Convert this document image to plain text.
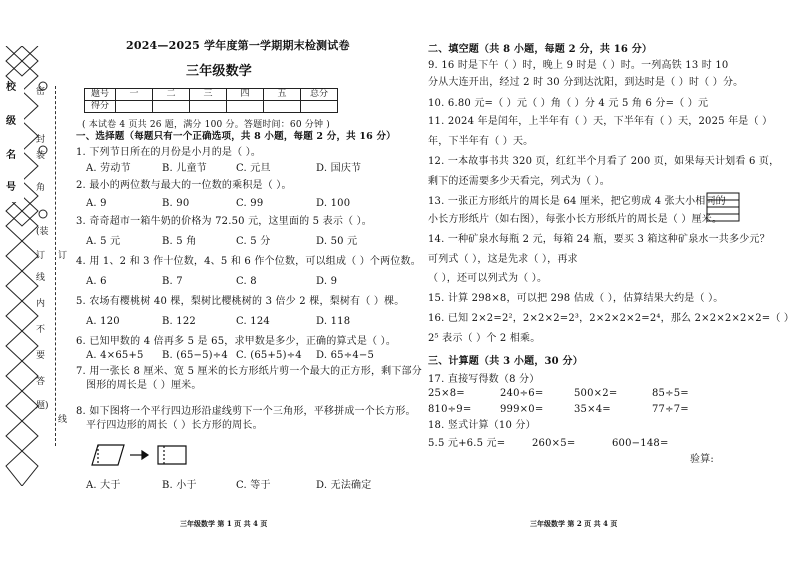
校
级
名
号
密
封
装
角
(装
订
线
内
不
要
答
题)
订
线
2024—2025 学年度第一学期期末检测试卷
三年级数学
题号	一	二	三	四	五	总分
得分						
( 本试卷 4 页共 26 题，满分 100 分。答题时间：60 分钟 )
一、选择题（每题只有一个正确选项，共 8 小题，每题 2 分，共 16 分）
1. 下列节日所在的月份是小月的是（ ）。
A. 劳动节	B. 儿童节	C. 元旦	D. 国庆节
2. 最小的两位数与最大的一位数的乘积是（ ）。
A. 9	B. 90	C. 99	D. 100
3. 奇奇超市一箱牛奶的价格为 72.50 元，这里面的 5 表示（ ）。
A. 5 元	B. 5 角	C. 5 分	D. 50 元
4. 用 1、2 和 3 作十位数，4、5 和 6 作个位数，可以组成（ ）个两位数。
A. 6	B. 7	C. 8	D. 9
5. 农场有樱桃树 40 棵，梨树比樱桃树的 3 倍少 2 棵，梨树有（ ）棵。
A. 120	B. 122	C. 124	D. 118
6. 已知甲数的 4 倍再多 5 是 65，求甲数是多少，正确的算式是（ ）。
A. 4×65+5 B. (65−5)÷4 C. (65+5)÷4 D. 65÷4−5
7. 用一张长 8 厘米、宽 5 厘米的长方形纸片剪一个最大的正方形，剩下部分
图形的周长是（ ）厘米。
8. 如下图将一个平行四边形沿虚线剪下一个三角形，平移拼成一个长方形。
平行四边形的周长（ ）长方形的周长。
A. 大于	B. 小于	C. 等于	D. 无法确定
三年级数学 第 1 页 共 4 页
二、填空题（共 8 小题，每题 2 分，共 16 分）
9. 16 时是下午（ ）时，晚上 9 时是（ ）时。一列高铁 13 时 10
分从大连开出，经过 2 时 30 分到达沈阳，到达时是（ ）时（ ）分。
10. 6.80 元=（ ）元（ ）角（ ）分 4 元 5 角 6 分=（ ）元
11. 2024 年是闰年，上半年有（ ）天，下半年有（ ）天，2025 年是（ ）
年，下半年有（ ）天。
12. 一本故事书共 320 页，红红半个月看了 200 页，如果每天计划看 6 页，
剩下的还需要多少天看完，列式为（ ）。
13. 一张正方形纸片的周长是 64 厘米，把它剪成 4 张大小相同的
小长方形纸片（如右图），每张小长方形纸片的周长是（ ）厘米。
14. 一种矿泉水每瓶 2 元，每箱 24 瓶，要买 3 箱这种矿泉水一共多少元？
可列式（ ），这是先求（ ），再求
（ ），还可以列式为（ ）。
15. 计算 298×8，可以把 298 估成（ ），估算结果大约是（ ）。
16. 已知 2×2=2²，2×2×2=2³，2×2×2×2=2⁴，那么 2×2×2×2×2=（ ）
2⁵ 表示（ ）个 2 相乘。
三、计算题（共 3 小题，30 分）
17. 直接写得数（8 分）
25×8=	240÷6=	500×2=	85÷5=
810÷9=	999×0=	35×4=	77÷7=
18. 竖式计算（10 分）
5.5 元+6.5 元=	260×5=	600−148=
验算:
三年级数学 第 2 页 共 4 页
